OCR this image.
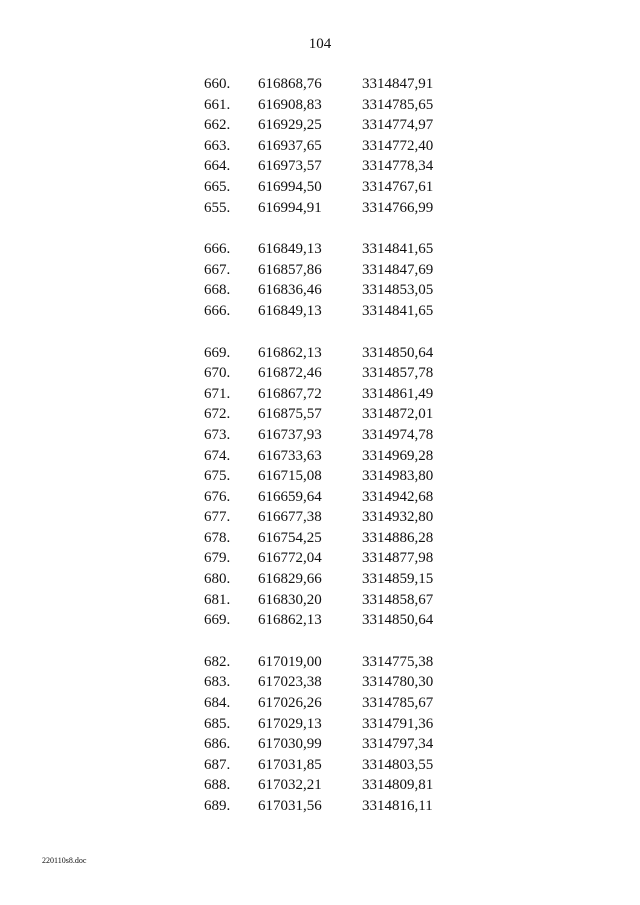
104
660. 616868,76	3314847,91
661. 616908,83	3314785,65
662. 616929,25	3314774,97
663. 616937,65	3314772,40
664. 616973,57	3314778,34
665. 616994,50	3314767,61
655. 616994,91	3314766,99
666. 616849,13	3314841,65
667. 616857,86	3314847,69
668. 616836,46	3314853,05
666. 616849,13	3314841,65
669. 616862,13	3314850,64
670. 616872,46	3314857,78
671. 616867,72	3314861,49
672. 616875,57	3314872,01
673. 616737,93	3314974,78
674. 616733,63	3314969,28
675. 616715,08	3314983,80
676. 616659,64	3314942,68
677. 616677,38	3314932,80
678. 616754,25	3314886,28
679. 616772,04	3314877,98
680. 616829,66	3314859,15
681. 616830,20	3314858,67
669. 616862,13	3314850,64
682. 617019,00	3314775,38
683. 617023,38	3314780,30
684. 617026,26	3314785,67
685. 617029,13	3314791,36
686. 617030,99	3314797,34
687. 617031,85	3314803,55
688. 617032,21	3314809,81
689. 617031,56	3314816,11
220110s8.doc
